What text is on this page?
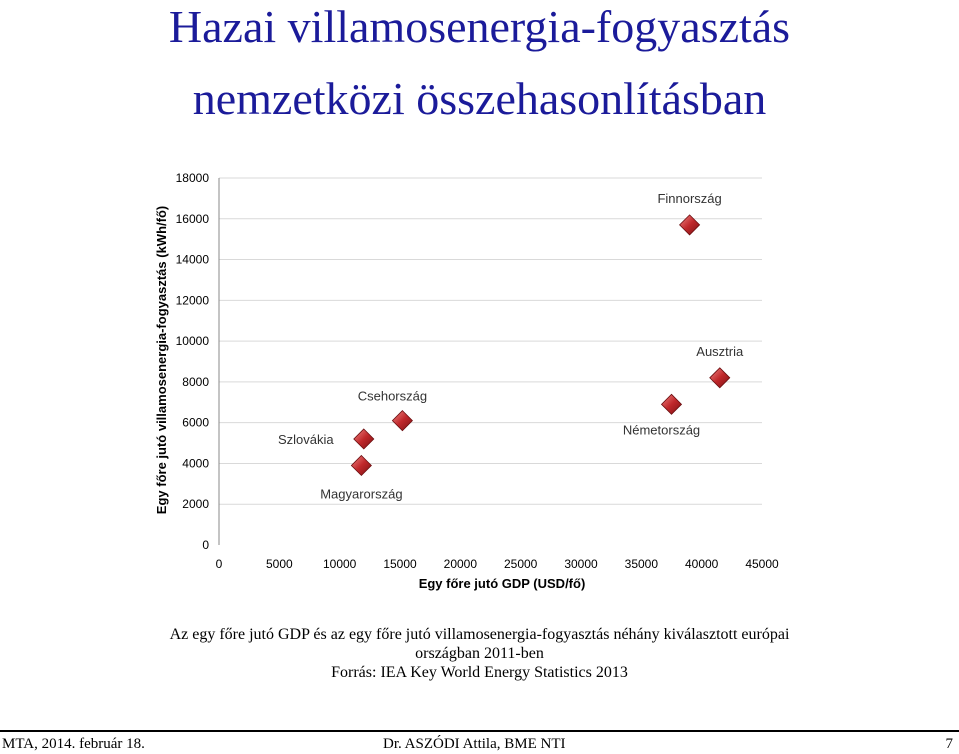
Hazai villamosenergia-fogyasztás
nemzetközi összehasonlításban
0
2000
4000
6000
8000
10000
12000
14000
16000
18000
0	5000	10000 15000 20000 25000 30000 35000 40000 45000
Magyarország
Szlovákia
Csehország
Németország
Ausztria
Finnország
Egy főre jutó GDP (USD/fő)
Egy főre jutó villamosenergia-fogyasztás (kWh/fő)
Az egy főre jutó GDP és az egy főre jutó villamosenergia-fogyasztás néhány kiválasztott európai
országban 2011-ben
Forrás: IEA Key World Energy Statistics 2013
MTA, 2014. február 18.	Dr. ASZÓDI Attila, BME NTI	7
